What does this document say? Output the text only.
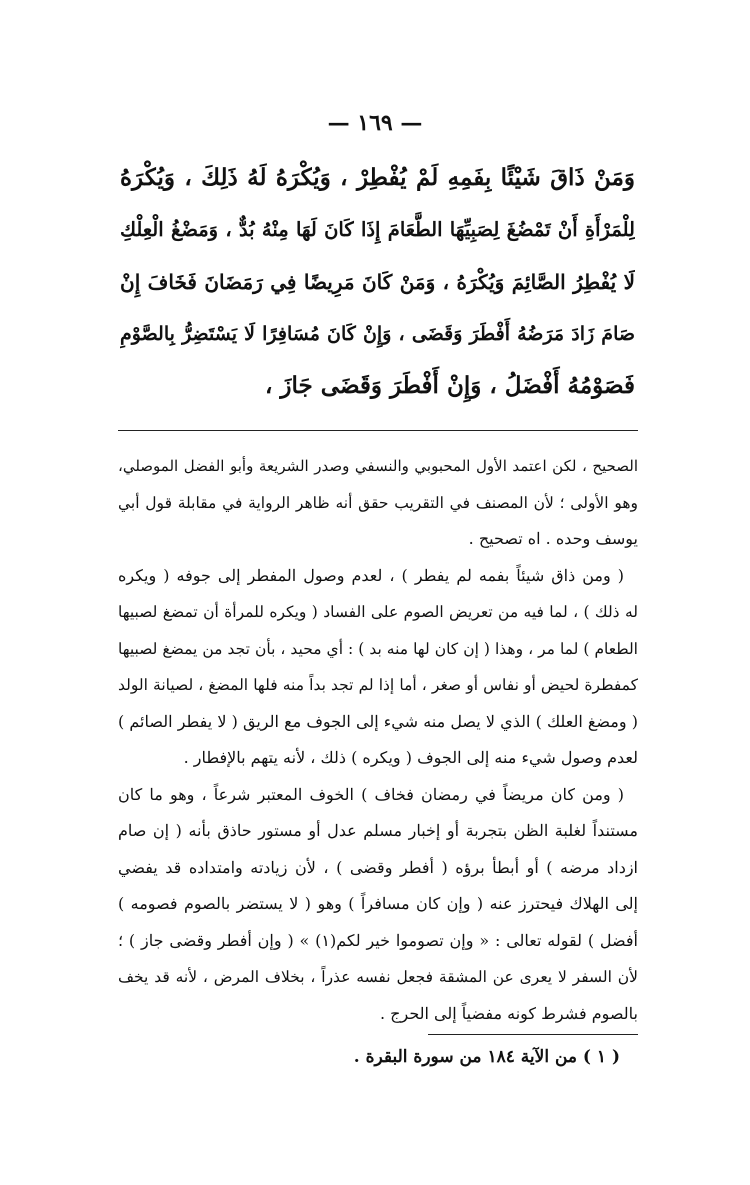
— ١٦٩ —
وَمَنْ ذَاقَ شَيْئًا بِفَمِهِ لَمْ يُفْطِرْ ، وَيُكْرَهُ لَهُ ذَلِكَ ، وَيُكْرَهُ
لِلْمَرْأَةِ أَنْ تَمْضُغَ لِصَبِيِّهَا الطَّعَامَ إِذَا كَانَ لَهَا مِنْهُ بُدٌّ ، وَمَضْغُ الْعِلْكِ
لَا يُفْطِرُ الصَّائِمَ وَيُكْرَهُ ، وَمَنْ كَانَ مَرِيضًا فِي رَمَضَانَ فَخَافَ إِنْ
صَامَ زَادَ مَرَضُهُ أَفْطَرَ وَقَضَى ، وَإِنْ كَانَ مُسَافِرًا لَا يَسْتَضِرُّ بِالصَّوْمِ
فَصَوْمُهُ أَفْضَلُ ، وَإِنْ أَفْطَرَ وَقَضَى جَازَ ،
الصحيح ، لكن اعتمد الأول المحبوبي والنسفي وصدر الشريعة وأبو الفضل الموصلي،
وهو الأولى ؛ لأن المصنف في التقريب حقق أنه ظاهر الرواية في مقابلة قول أبي
يوسف وحده . اه تصحيح .
( ومن ذاق شيئاً بفمه لم يفطر ) ، لعدم وصول المفطر إلى جوفه ( ويكره
له ذلك ) ، لما فيه من تعريض الصوم على الفساد ( ويكره للمرأة أن تمضغ لصبيها
الطعام ) لما مر ، وهذا ( إن كان لها منه بد ) : أي محيد ، بأن تجد من يمضغ لصبيها
كمفطرة لحيض أو نفاس أو صغر ، أما إذا لم تجد بداً منه فلها المضغ ، لصيانة الولد
( ومضغ العلك ) الذي لا يصل منه شيء إلى الجوف مع الريق ( لا يفطر الصائم )
لعدم وصول شيء منه إلى الجوف ( ويكره ) ذلك ، لأنه يتهم بالإفطار .
( ومن كان مريضاً في رمضان فخاف ) الخوف المعتبر شرعاً ، وهو ما كان
مستنداً لغلبة الظن بتجربة أو إخبار مسلم عدل أو مستور حاذق بأنه ( إن صام
ازداد مرضه ) أو أبطأ برؤه ( أفطر وقضى ) ، لأن زيادته وامتداده قد يفضي
إلى الهلاك فيحترز عنه ( وإن كان مسافراً ) وهو ( لا يستضر بالصوم فصومه )
أفضل ) لقوله تعالى : « وإن تصوموا خير لكم(١) » ( وإن أفطر وقضى جاز ) ؛
لأن السفر لا يعرى عن المشقة فجعل نفسه عذراً ، بخلاف المرض ، لأنه قد يخف
بالصوم فشرط كونه مفضياً إلى الحرج .
( ١ ) من الآية ١٨٤ من سورة البقرة .
